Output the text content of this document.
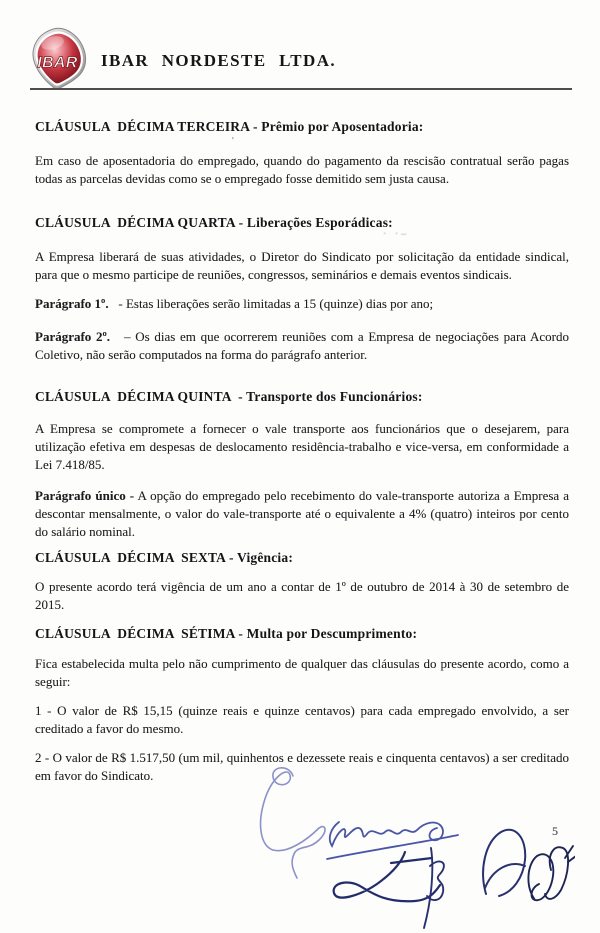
IBAR IBAR NORDESTE LTDA.
'
· ·–
CLÁUSULA  DÉCIMA TERCEIRA - Prêmio por Aposentadoria:
Em caso de aposentadoria do empregado, quando do pagamento da rescisão contratual serão pagas todas as parcelas devidas como se o empregado fosse demitido sem justa causa.
CLÁUSULA  DÉCIMA QUARTA - Liberações Esporádicas:
A Empresa liberará de suas atividades, o Diretor do Sindicato por solicitação da entidade sindical, para que o mesmo participe de reuniões, congressos, seminários e demais eventos sindicais.
Parágrafo 1º.   - Estas liberações serão limitadas a 15 (quinze) dias por ano;
Parágrafo 2º.   – Os dias em que ocorrerem reuniões com a Empresa de negociações para Acordo Coletivo, não serão computados na forma do parágrafo anterior.
CLÁUSULA  DÉCIMA QUINTA  - Transporte dos Funcionários:
A Empresa se compromete a fornecer o vale transporte aos funcionários que o desejarem, para utilização efetiva em despesas de deslocamento residência-trabalho e vice-versa, em conformidade a Lei 7.418/85.
Parágrafo único - A opção do empregado pelo recebimento do vale-transporte autoriza a Empresa a descontar mensalmente, o valor do vale-transporte até o equivalente a 4% (quatro) inteiros por cento do salário nominal.
CLÁUSULA  DÉCIMA  SEXTA - Vigência:
O presente acordo terá vigência de um ano a contar de 1º de outubro de 2014 à 30 de setembro de 2015.
CLÁUSULA  DÉCIMA  SÉTIMA - Multa por Descumprimento:
Fica estabelecida multa pelo não cumprimento de qualquer das cláusulas do presente acordo, como a seguir:
1 - O valor de R$ 15,15 (quinze reais e quinze centavos) para cada empregado envolvido, a ser creditado a favor do mesmo.
2 - O valor de R$ 1.517,50 (um mil, quinhentos e dezessete reais e cinquenta centavos) a ser creditado em favor do Sindicato.
5
